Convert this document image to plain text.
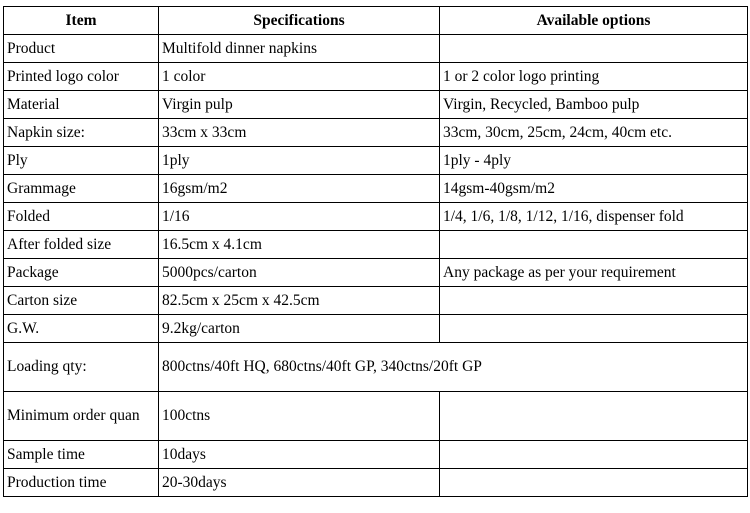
Item	Specifications	Available options
Product	Multifold dinner napkins	
Printed logo color	1 color	1 or 2 color logo printing
Material	Virgin pulp	Virgin, Recycled, Bamboo pulp
Napkin size:	33cm x 33cm	33cm, 30cm, 25cm, 24cm, 40cm etc.
Ply	1ply	1ply - 4ply
Grammage	16gsm/m2	14gsm-40gsm/m2
Folded	1/16	1/4, 1/6, 1/8, 1/12, 1/16, dispenser fold
After folded size	16.5cm x 4.1cm	
Package	5000pcs/carton	Any package as per your requirement
Carton size	82.5cm x 25cm x 42.5cm	
G.W.	9.2kg/carton	
Loading qty:	800ctns/40ft HQ, 680ctns/40ft GP, 340ctns/20ft GP	
Minimum order quan	100ctns	
Sample time	10days	
Production time	20-30days	
